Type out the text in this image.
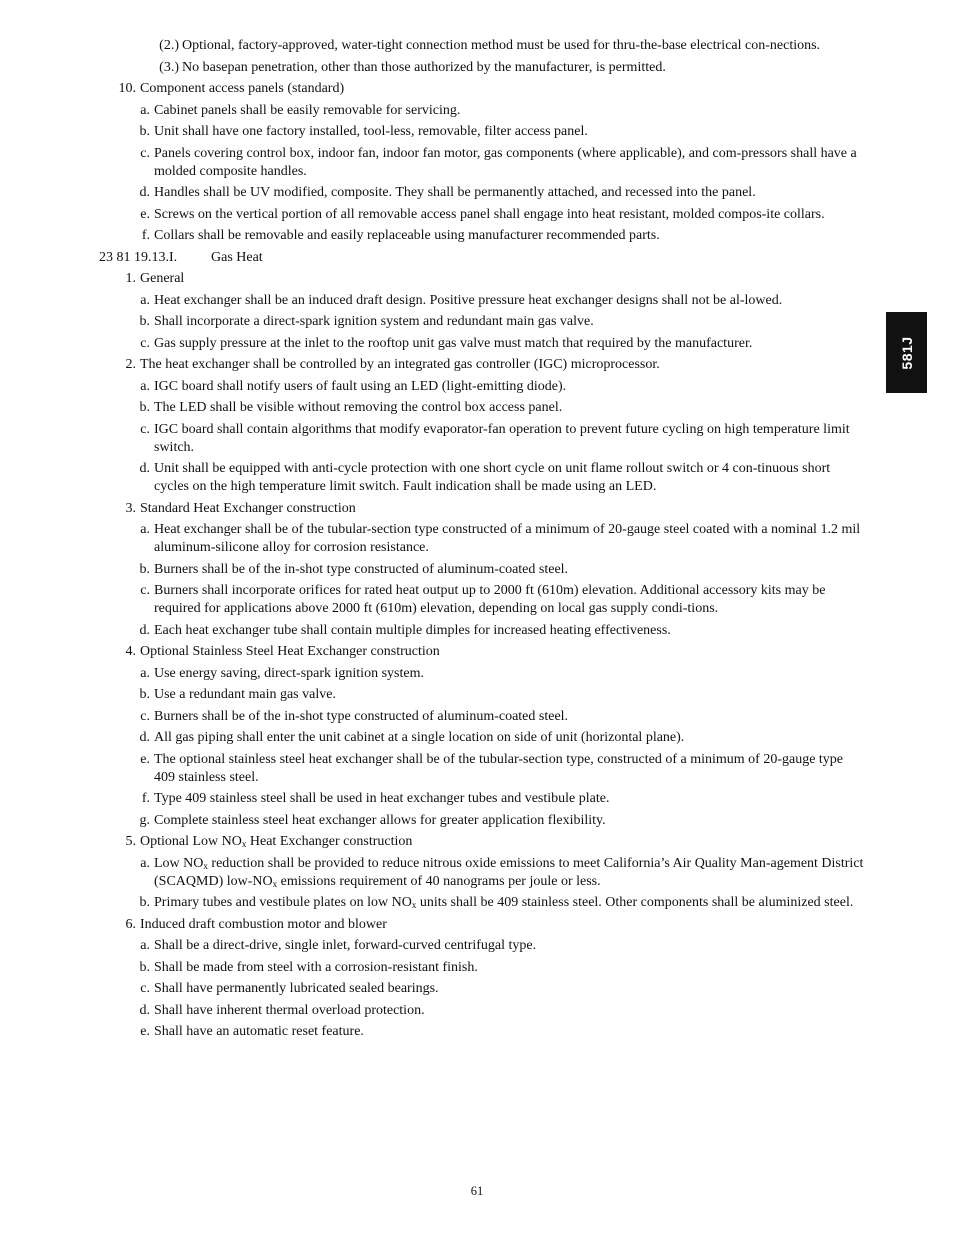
(2.) Optional, factory-approved, water-tight connection method must be used for thru-the-base electrical con-nections.
(3.) No basepan penetration, other than those authorized by the manufacturer, is permitted.
10. Component access panels (standard)
a. Cabinet panels shall be easily removable for servicing.
b. Unit shall have one factory installed, tool-less, removable, filter access panel.
c. Panels covering control box, indoor fan, indoor fan motor, gas components (where applicable), and com-pressors shall have a molded composite handles.
d. Handles shall be UV modified, composite. They shall be permanently attached, and recessed into the panel.
e. Screws on the vertical portion of all removable access panel shall engage into heat resistant, molded compos-ite collars.
f. Collars shall be removable and easily replaceable using manufacturer recommended parts.
23 81 19.13.I.	Gas Heat
1. General
a. Heat exchanger shall be an induced draft design. Positive pressure heat exchanger designs shall not be al-lowed.
b. Shall incorporate a direct-spark ignition system and redundant main gas valve.
c. Gas supply pressure at the inlet to the rooftop unit gas valve must match that required by the manufacturer.
2. The heat exchanger shall be controlled by an integrated gas controller (IGC) microprocessor.
a. IGC board shall notify users of fault using an LED (light-emitting diode).
b. The LED shall be visible without removing the control box access panel.
c. IGC board shall contain algorithms that modify evaporator-fan operation to prevent future cycling on high temperature limit switch.
d. Unit shall be equipped with anti-cycle protection with one short cycle on unit flame rollout switch or 4 con-tinuous short cycles on the high temperature limit switch. Fault indication shall be made using an LED.
3. Standard Heat Exchanger construction
a. Heat exchanger shall be of the tubular-section type constructed of a minimum of 20-gauge steel coated with a nominal 1.2 mil aluminum-silicone alloy for corrosion resistance.
b. Burners shall be of the in-shot type constructed of aluminum-coated steel.
c. Burners shall incorporate orifices for rated heat output up to 2000 ft (610m) elevation. Additional accessory kits may be required for applications above 2000 ft (610m) elevation, depending on local gas supply condi-tions.
d. Each heat exchanger tube shall contain multiple dimples for increased heating effectiveness.
4. Optional Stainless Steel Heat Exchanger construction
a. Use energy saving, direct-spark ignition system.
b. Use a redundant main gas valve.
c. Burners shall be of the in-shot type constructed of aluminum-coated steel.
d. All gas piping shall enter the unit cabinet at a single location on side of unit (horizontal plane).
e. The optional stainless steel heat exchanger shall be of the tubular-section type, constructed of a minimum of 20-gauge type 409 stainless steel.
f. Type 409 stainless steel shall be used in heat exchanger tubes and vestibule plate.
g. Complete stainless steel heat exchanger allows for greater application flexibility.
5. Optional Low $NO_x$ Heat Exchanger construction
a. Low $NO_x$ reduction shall be provided to reduce nitrous oxide emissions to meet California’s Air Quality Man-agement District (SCAQMD) low-$NO_x$ emissions requirement of 40 nanograms per joule or less.
b. Primary tubes and vestibule plates on low $NO_x$ units shall be 409 stainless steel. Other components shall be aluminized steel.
6. Induced draft combustion motor and blower
a. Shall be a direct-drive, single inlet, forward-curved centrifugal type.
b. Shall be made from steel with a corrosion-resistant finish.
c. Shall have permanently lubricated sealed bearings.
d. Shall have inherent thermal overload protection.
e. Shall have an automatic reset feature.
581J
61
